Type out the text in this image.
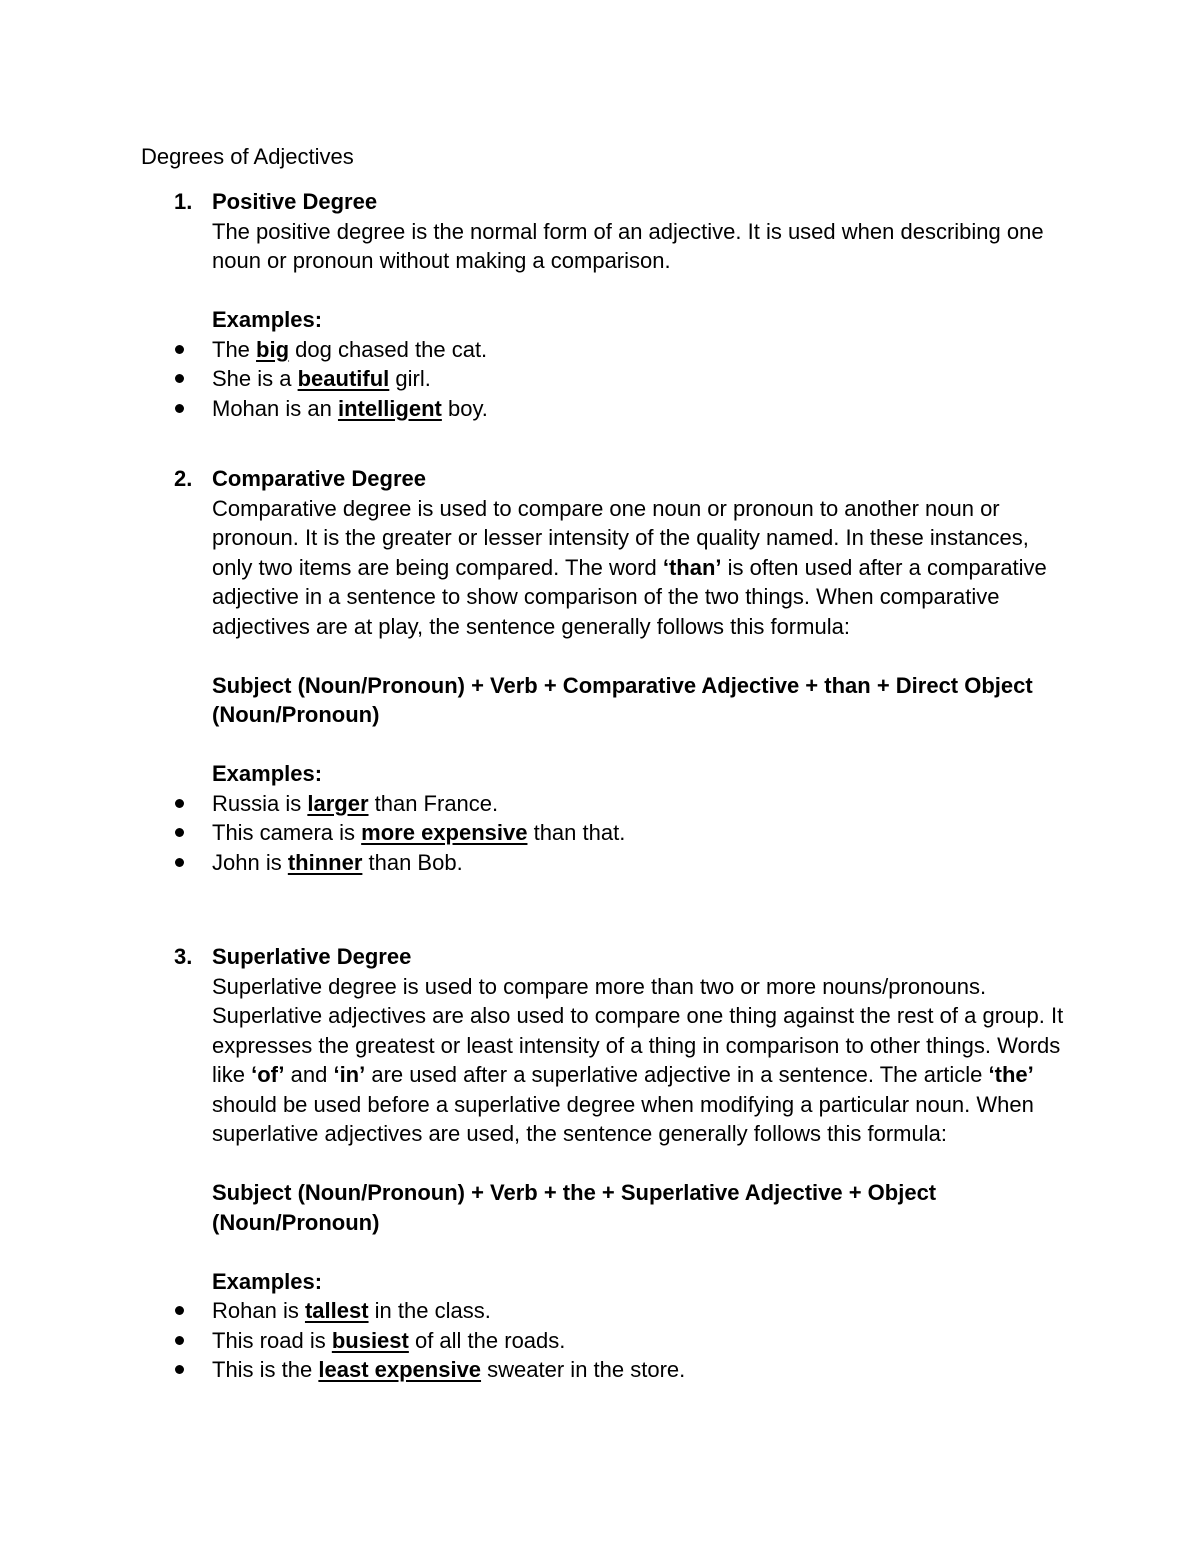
Degrees of Adjectives
1. Positive Degree

The positive degree is the normal form of an adjective. It is used when describing one noun or pronoun without making a comparison.

Examples:

The big dog chased the cat.
She is a beautiful girl.
Mohan is an intelligent boy.
2. Comparative Degree

Comparative degree is used to compare one noun or pronoun to another noun or pronoun. It is the greater or lesser intensity of the quality named. In these instances, only two items are being compared. The word ‘than’ is often used after a comparative adjective in a sentence to show comparison of the two things. When comparative adjectives are at play, the sentence generally follows this formula:

Subject (Noun/Pronoun) + Verb + Comparative Adjective + than + Direct Object (Noun/Pronoun)

Examples:

Russia is larger than France.
This camera is more expensive than that.
John is thinner than Bob.
3. Superlative Degree

Superlative degree is used to compare more than two or more nouns/pronouns. Superlative adjectives are also used to compare one thing against the rest of a group. It expresses the greatest or least intensity of a thing in comparison to other things. Words like ‘of’ and ‘in’ are used after a superlative adjective in a sentence. The article ‘the’ should be used before a superlative degree when modifying a particular noun. When superlative adjectives are used, the sentence generally follows this formula:

Subject (Noun/Pronoun) + Verb + the + Superlative Adjective + Object (Noun/Pronoun)

Examples:

Rohan is tallest in the class.
This road is busiest of all the roads.
This is the least expensive sweater in the store.
